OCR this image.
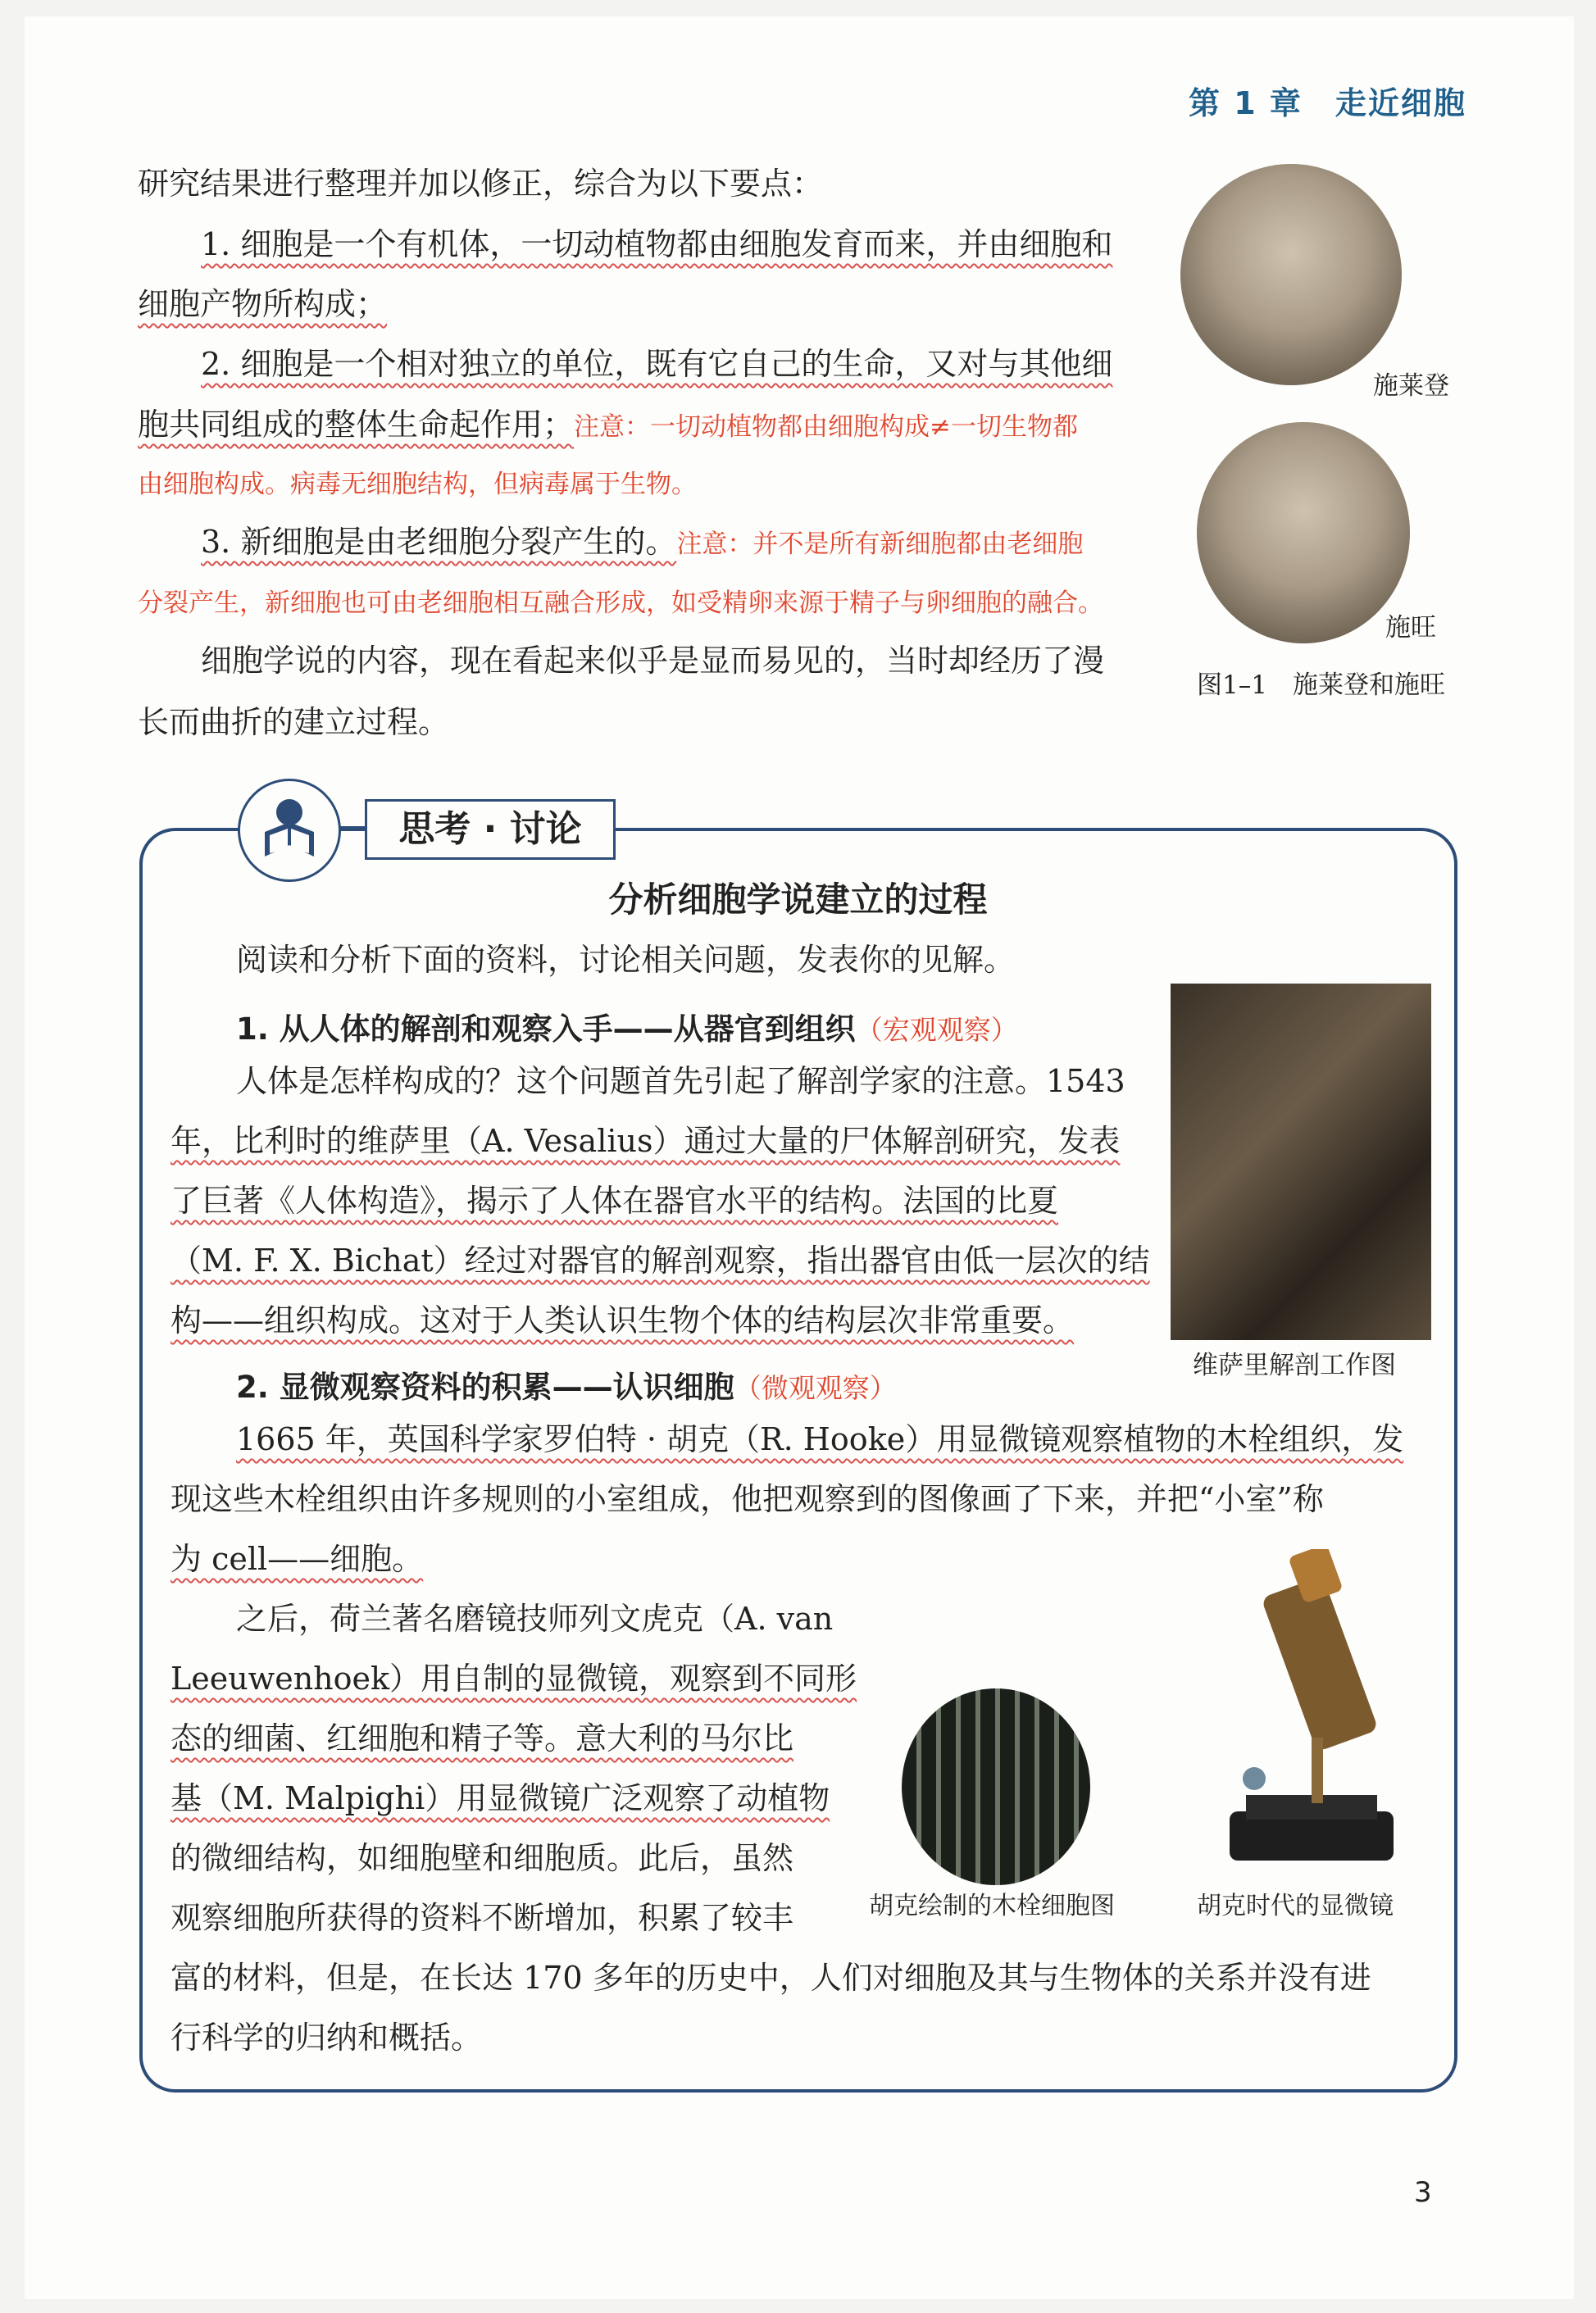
第 1 章　走近细胞
研究结果进行整理并加以修正，综合为以下要点：
1. 细胞是一个有机体，一切动植物都由细胞发育而来，并由细胞和
细胞产物所构成；
2. 细胞是一个相对独立的单位，既有它自己的生命，又对与其他细
胞共同组成的整体生命起作用；注意：一切动植物都由细胞构成≠一切生物都
由细胞构成。病毒无细胞结构，但病毒属于生物。
3. 新细胞是由老细胞分裂产生的。注意：并不是所有新细胞都由老细胞
分裂产生，新细胞也可由老细胞相互融合形成，如受精卵来源于精子与卵细胞的融合。
细胞学说的内容，现在看起来似乎是显而易见的，当时却经历了漫
长而曲折的建立过程。
施莱登
施旺
图1–1　施莱登和施旺
思考 · 讨论
分析细胞学说建立的过程
阅读和分析下面的资料，讨论相关问题，发表你的见解。
1. 从人体的解剖和观察入手——从器官到组织（宏观观察）
人体是怎样构成的？这个问题首先引起了解剖学家的注意。1543
年，比利时的维萨里（A. Vesalius）通过大量的尸体解剖研究，发表
了巨著《人体构造》，揭示了人体在器官水平的结构。法国的比夏
（M. F. X. Bichat）经过对器官的解剖观察，指出器官由低一层次的结
构——组织构成。这对于人类认识生物个体的结构层次非常重要。
维萨里解剖工作图
2. 显微观察资料的积累——认识细胞（微观观察）
1665 年，英国科学家罗伯特 · 胡克（R. Hooke）用显微镜观察植物的木栓组织，发
现这些木栓组织由许多规则的小室组成，他把观察到的图像画了下来，并把“小室”称
为 cell——细胞。
之后，荷兰著名磨镜技师列文虎克（A. van
Leeuwenhoek）用自制的显微镜，观察到不同形
态的细菌、红细胞和精子等。意大利的马尔比
基（M. Malpighi）用显微镜广泛观察了动植物
的微细结构，如细胞壁和细胞质。此后，虽然
观察细胞所获得的资料不断增加，积累了较丰
富的材料，但是，在长达 170 多年的历史中，人们对细胞及其与生物体的关系并没有进
行科学的归纳和概括。
胡克绘制的木栓细胞图	胡克时代的显微镜
3
